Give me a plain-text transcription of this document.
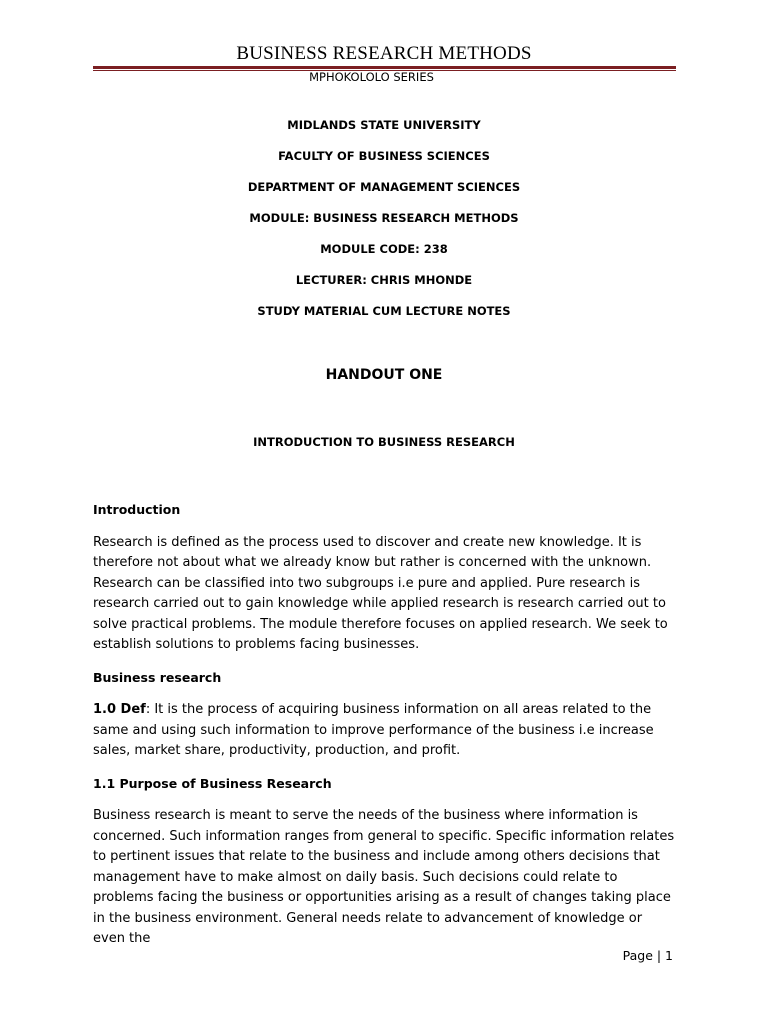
BUSINESS RESEARCH METHODS
MPHOKOLOLO SERIES
MIDLANDS STATE UNIVERSITY
FACULTY OF BUSINESS SCIENCES
DEPARTMENT OF MANAGEMENT SCIENCES
MODULE: BUSINESS RESEARCH METHODS
MODULE CODE: 238
LECTURER: CHRIS MHONDE
STUDY MATERIAL CUM LECTURE NOTES
HANDOUT ONE
INTRODUCTION TO BUSINESS RESEARCH

Introduction

Research is defined as the process used to discover and create new knowledge. It is therefore not about what we already know but rather is concerned with the unknown. Research can be classified into two subgroups i.e pure and applied. Pure research is research carried out to gain knowledge while applied research is research carried out to solve practical problems. The module therefore focuses on applied research. We seek to establish solutions to problems facing businesses.

Business research

1.0 Def: It is the process of acquiring business information on all areas related to the same and using such information to improve performance of the business i.e increase sales, market share, productivity, production, and profit.

1.1 Purpose of Business Research

Business research is meant to serve the needs of the business where information is concerned. Such information ranges from general to specific. Specific information relates to pertinent issues that relate to the business and include among others decisions that management have to make almost on daily basis. Such decisions could relate to problems facing the business or opportunities arising as a result of changes taking place in the business environment. General needs relate to advancement of knowledge or even the

Page | 1
